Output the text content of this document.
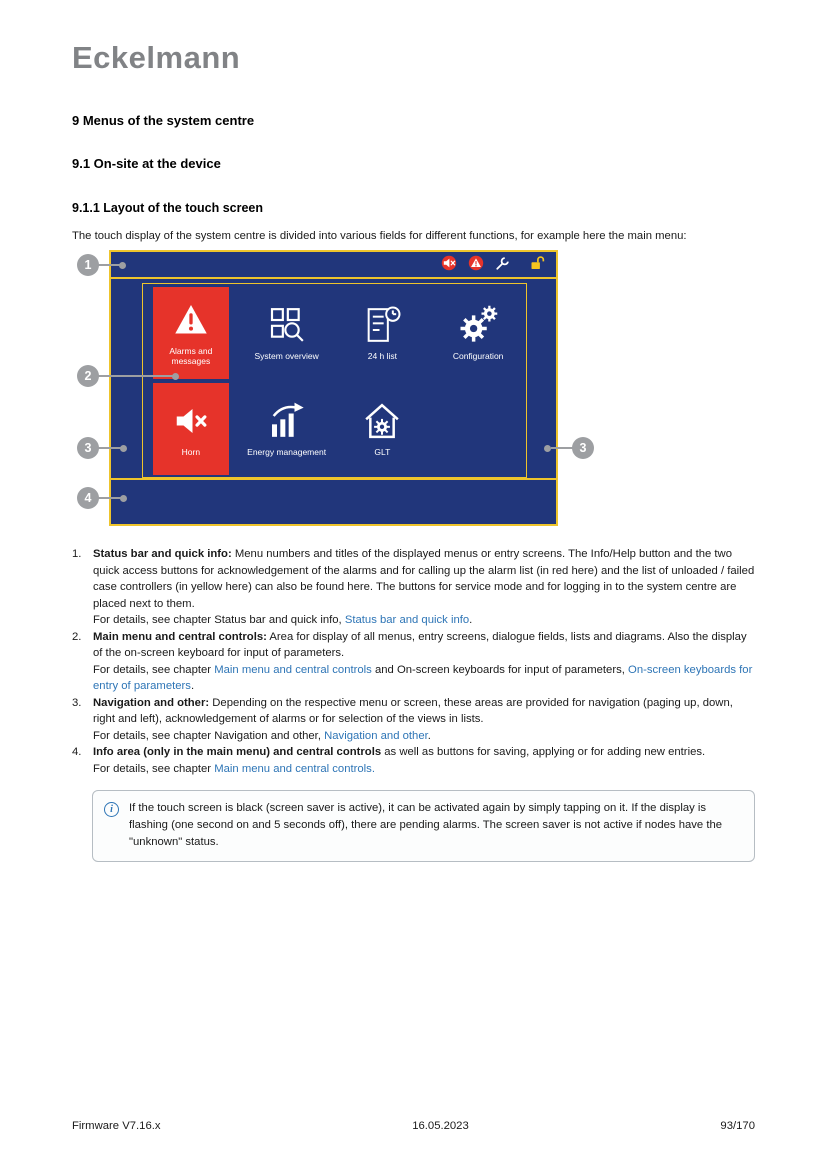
Eckelmann
9 Menus of the system centre
9.1 On-site at the device
9.1.1 Layout of the touch screen

The touch display of the system centre is divided into various fields for different functions, for example here the main menu:

Alarms and messages
System overview	24 h list	Configuration
Horn	Energy management	GLT
1
2
3
4
3
1.	Status bar and quick info: Menu numbers and titles of the displayed menus or entry screens. The Info/Help button and the two quick access buttons for acknowledgement of the alarms and for calling up the alarm list (in red here) and the list of unloaded / failed case controllers (in yellow here) can also be found here. The buttons for service mode and for logging in to the system centre are placed next to them.
For details, see chapter Status bar and quick info, Status bar and quick info.
2.	Main menu and central controls: Area for display of all menus, entry screens, dialogue fields, lists and diagrams. Also the display of the on-screen keyboard for input of parameters.
For details, see chapter Main menu and central controls and On-screen keyboards for input of parameters, On-screen keyboards for entry of parameters.
3.	Navigation and other: Depending on the respective menu or screen, these areas are provided for navigation (paging up, down, right and left), acknowledgement of alarms or for selection of the views in lists.
For details, see chapter Navigation and other, Navigation and other.
4.	Info area (only in the main menu) and central controls as well as buttons for saving, applying or for adding new entries.
For details, see chapter Main menu and central controls.
i	If the touch screen is black (screen saver is active), it can be activated again by simply tapping on it. If the display is flashing (one second on and 5 seconds off), there are pending alarms. The screen saver is not active if nodes have the "unknown" status.
Firmware V7.16.x	16.05.2023	93/170
